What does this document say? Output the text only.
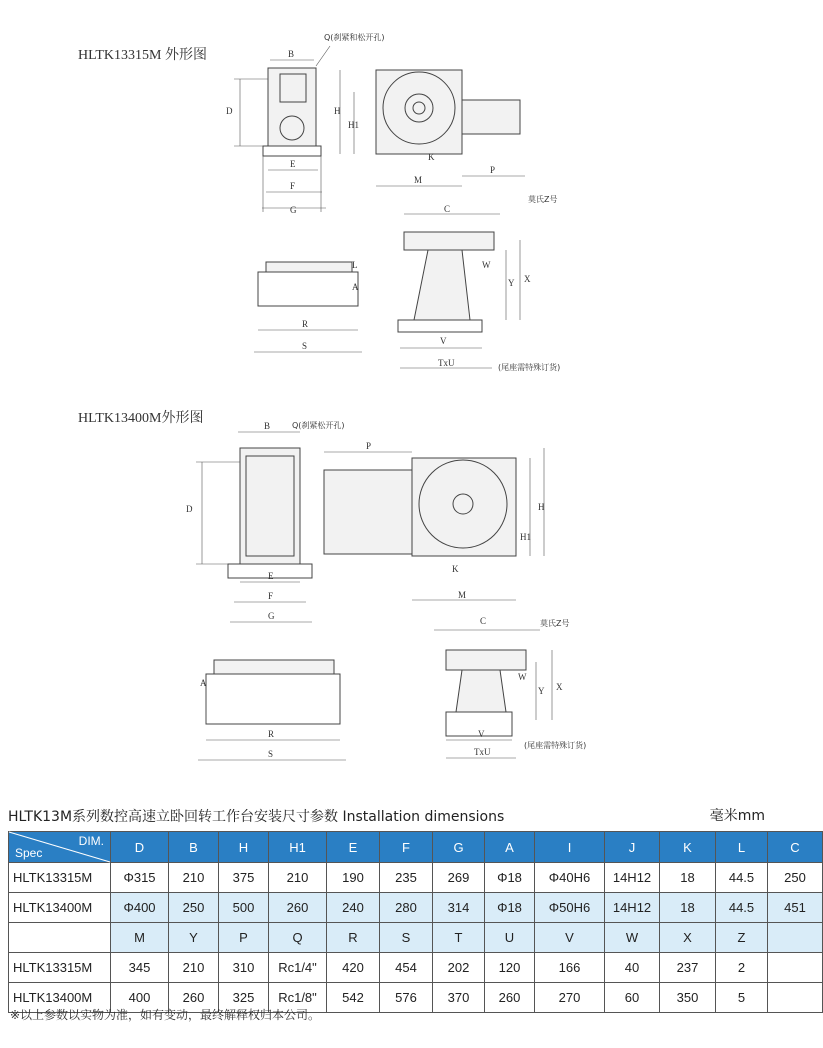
HLTK13315M 外形图
HLTK13400M外形图
B
D
E
F
G
Q(刹紧和松开孔)
H
H1
M
P
K
C
W
X
Y
V
TxU
莫氏Z号
(尾座需特殊订货)
R
S
L
A
B
D
E
F
G
Q(刹紧松开孔)
P
H1
H
M
K
C
W
X
Y
V
TxU
莫氏Z号
(尾座需特殊订货)
R
S
A
HLTK13M系列数控高速立卧回转工作台安装尺寸参数 Installation dimensions	毫米mm
DIM.
Spec	D	B	H	H1	E	F	G	A	I	J	K	L	C
HLTK13315M	Φ315	210	375	210	190	235	269	Φ18	Φ40H6	14H12	18	44.5	250
HLTK13400M	Φ400	250	500	260	240	280	314	Φ18	Φ50H6	14H12	18	44.5	451
	M	Y	P	Q	R	S	T	U	V	W	X	Z	
HLTK13315M	345	210	310	Rc1/4"	420	454	202	120	166	40	237	2	
HLTK13400M	400	260	325	Rc1/8"	542	576	370	260	270	60	350	5	
※以上参数以实物为准，如有变动，最终解释权归本公司。
